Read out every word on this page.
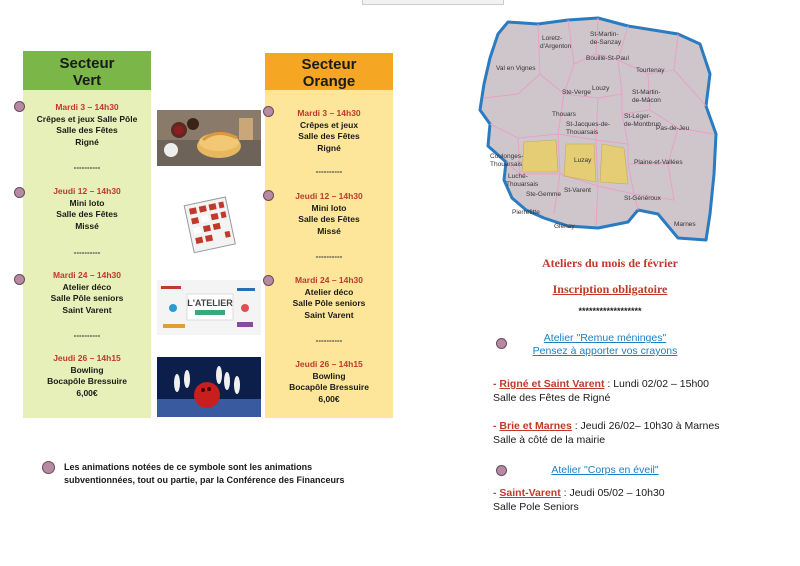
Secteur
Vert
Mardi 3 – 14h30
Crêpes et jeux Salle Pôle
Salle des Fêtes
Rigné
----------
Jeudi 12 – 14h30
Mini loto
Salle des Fêtes
Missé
----------
Mardi 24 – 14h30
Atelier déco
Salle Pôle seniors
Saint Varent
----------
Jeudi 26 – 14h15
Bowling
Bocapôle Bressuire
6,00€
L'ATELIER
Secteur
Orange
Mardi 3 – 14h30
Crêpes et jeux
Salle des Fêtes
Rigné
----------
Jeudi 12 – 14h30
Mini loto
Salle des Fêtes
Missé
----------
Mardi 24 – 14h30
Atelier déco
Salle Pôle seniors
Saint Varent
----------
Jeudi 26 – 14h15
Bowling
Bocapôle Bressuire
6,00€
Les animations notées de ce symbole sont les animations
subventionnées, tout ou partie, par la Conférence des Financeurs
Val en Vignes
Loretz-
d'Argenton
St-Martin-
de-Sanzay
Bouillé-St-Paul
Tourtenay
Ste-Verge
Louzy
St-Martin-
de-Mâcon
Thouars
St-Jacques-de-
Thouarsais
St-Léger-
de-Montbrun
Pas-de-Jeu
Coulonges-
Thouarsais
Luzay	Plaine-et-Vallées
Luché-
Thouarsais
Ste-Gemme
St-Varent
St-Généroux
Pierrefitte
Glénay	Marnes
Ateliers du mois de février
Inscription obligatoire
******************
Atelier "Remue méninges"
Pensez à apporter vos crayons
- Rigné et Saint Varent : Lundi 02/02 – 15h00
Salle des Fêtes de Rigné
- Brie et Marnes : Jeudi 26/02– 10h30 à Marnes
Salle à côté de la mairie
Atelier "Corps en éveil"
- Saint-Varent : Jeudi 05/02 – 10h30
Salle Pole Seniors
